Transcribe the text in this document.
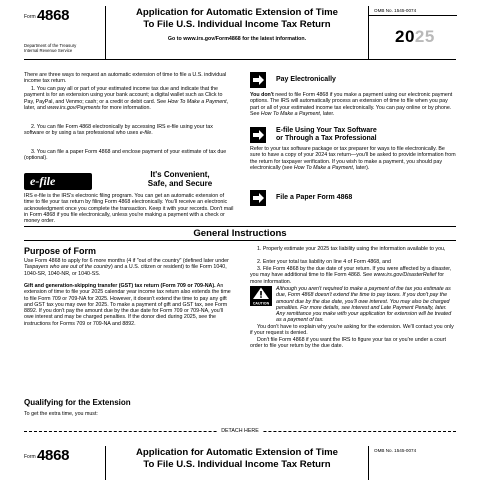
Form 4868
Department of the Treasury
Internal Revenue Service
Application for Automatic Extension of Time
To File U.S. Individual Income Tax Return
Go to www.irs.gov/Form4868 for the latest information.
OMB No. 1545-0074
2025
There are three ways to request an automatic extension of time to file a U.S. individual income tax return.
1. You can pay all or part of your estimated income tax due and indicate that the payment is for an extension using your bank account; a digital wallet such as Click to Pay, PayPal, and Venmo; cash; or a credit or debit card. See How To Make a Payment, later, and www.irs.gov/Payments for more information.
2. You can file Form 4868 electronically by accessing IRS e-file using your tax software or by using a tax professional who uses e-file.
3. You can file a paper Form 4868 and enclose payment of your estimate of tax due (optional).
e-file	It's Convenient,
Safe, and Secure
IRS e-file is the IRS's electronic filing program. You can get an automatic extension of time to file your tax return by filing Form 4868 electronically. You'll receive an electronic acknowledgment once you complete the transaction. Keep it with your records. Don't mail in Form 4868 if you file electronically, unless you're making a payment with a check or money order.
Pay Electronically
You don't need to file Form 4868 if you make a payment using our electronic payment options. The IRS will automatically process an extension of time to file when you pay part or all of your estimated income tax electronically. You can pay online or by phone. See How To Make a Payment, later.
E-file Using Your Tax Software
or Through a Tax Professional
Refer to your tax software package or tax preparer for ways to file electronically. Be sure to have a copy of your 2024 tax return—you'll be asked to provide information from the return for taxpayer verification. If you wish to make a payment, you should pay electronically (see How To Make a Payment, later).
File a Paper Form 4868
General Instructions
Purpose of Form
Use Form 4868 to apply for 6 more months (4 if "out of the country" (defined later under Taxpayers who are out of the country) and a U.S. citizen or resident) to file Form 1040, 1040-SR, 1040-NR, or 1040-SS.
Gift and generation-skipping transfer (GST) tax return (Form 709 or 709-NA). An extension of time to file your 2025 calendar year income tax return also extends the time to file Form 709 or 709-NA for 2025. However, it doesn't extend the time to pay any gift and GST tax you may owe for 2025. To make a payment of gift and GST tax, see Form 8892. If you don't pay the amount due by the due date for Form 709 or 709-NA, you'll owe interest and may be charged penalties. If the donor died during 2025, see the instructions for Forms 709 or 709-NA and 8892.
Qualifying for the Extension
To get the extra time, you must:
1. Properly estimate your 2025 tax liability using the information available to you,
2. Enter your total tax liability on line 4 of Form 4868, and
3. File Form 4868 by the due date of your return. If you were affected by a disaster, you may have additional time to file Form 4868. See www.irs.gov/DisasterRelief for more information.
CAUTION
Although you aren't required to make a payment of the tax you estimate as due, Form 4868 doesn't extend the time to pay taxes. If you don't pay the amount due by the due date, you'll owe interest. You may also be charged penalties. For more details, see Interest and Late Payment Penalty, later. Any remittance you make with your application for extension will be treated as a payment of tax.
You don't have to explain why you're asking for the extension. We'll contact you only if your request is denied.
Don't file Form 4868 if you want the IRS to figure your tax or you're under a court order to file your return by the due date.
DETACH HERE
Form 4868	Application for Automatic Extension of Time
To File U.S. Individual Income Tax Return
OMB No. 1545-0074
